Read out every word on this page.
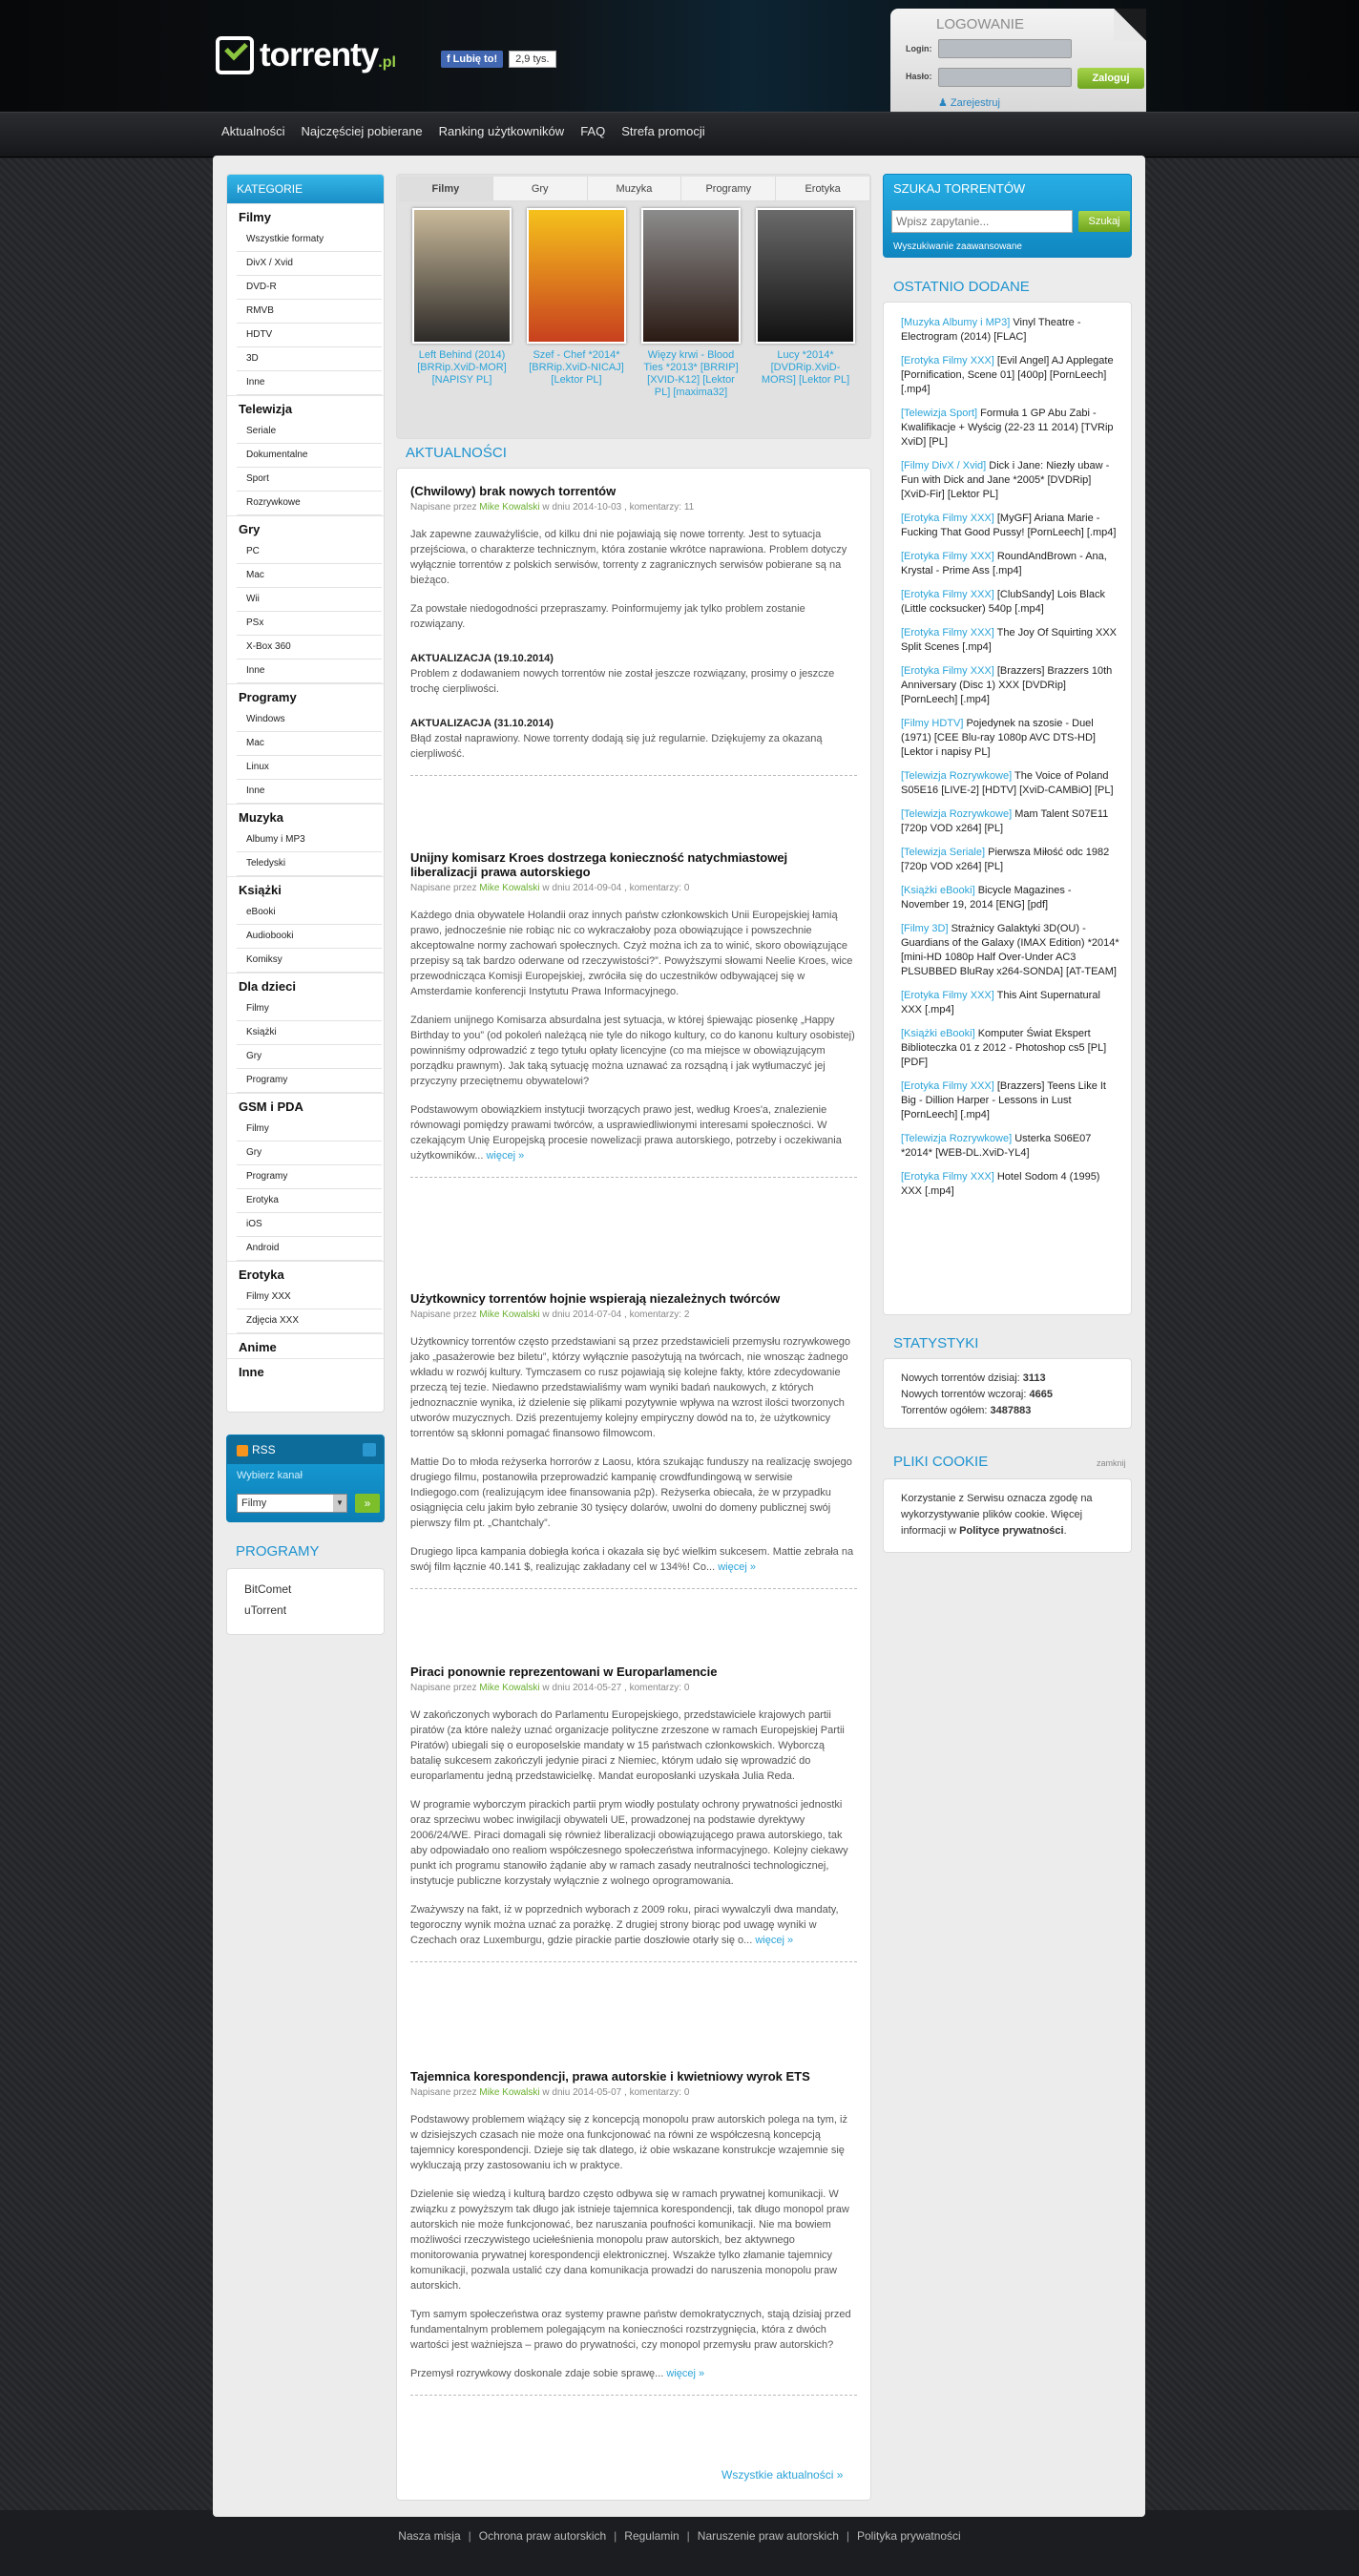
torrenty .pl	f Lubię to!	2,9 tys.
LOGOWANIE
Login:
Hasło:	Zaloguj
♟ Zarejestruj
Aktualności Najczęściej pobierane Ranking użytkowników FAQ Strefa promocji
KATEGORIE
Filmy
Wszystkie formaty
DivX / Xvid
DVD-R
RMVB
HDTV
3D
Inne
Telewizja
Seriale
Dokumentalne
Sport
Rozrywkowe
Gry
PC
Mac
Wii
PSx
X-Box 360
Inne
Programy
Windows
Mac
Linux
Inne
Muzyka
Albumy i MP3
Teledyski
Książki
eBooki
Audiobooki
Komiksy
Dla dzieci
Filmy
Książki
Gry
Programy
GSM i PDA
Filmy
Gry
Programy
Erotyka
iOS
Android
Erotyka
Filmy XXX
Zdjęcia XXX
Anime
Inne
RSS
Wybierz kanał
Filmy	▼	»
PROGRAMY
BitComet
uTorrent
Filmy	Gry	Muzyka	Programy	Erotyka
Left Behind (2014) [BRRip.XviD-MOR] [NAPISY PL]
Szef - Chef *2014* [BRRip.XviD-NICAJ] [Lektor PL]
Więzy krwi - Blood Ties *2013* [BRRIP] [XVID-K12] [Lektor PL] [maxima32]
Lucy *2014* [DVDRip.XviD-MORS] [Lektor PL]
AKTUALNOŚCI
(Chwilowy) brak nowych torrentów
Napisane przez Mike Kowalski w dniu 2014-10-03 , komentarzy: 11

Jak zapewne zauważyliście, od kilku dni nie pojawiają się nowe torrenty. Jest to sytuacja przejściowa, o charakterze technicznym, która zostanie wkrótce naprawiona. Problem dotyczy wyłącznie torrentów z polskich serwisów, torrenty z zagranicznych serwisów pobierane są na bieżąco.

Za powstałe niedogodności przepraszamy. Poinformujemy jak tylko problem zostanie rozwiązany.

AKTUALIZACJA (19.10.2014)
Problem z dodawaniem nowych torrentów nie został jeszcze rozwiązany, prosimy o jeszcze trochę cierpliwości.
AKTUALIZACJA (31.10.2014)
Błąd został naprawiony. Nowe torrenty dodają się już regularnie. Dziękujemy za okazaną cierpliwość.
Unijny komisarz Kroes dostrzega konieczność natychmiastowej liberalizacji prawa autorskiego
Napisane przez Mike Kowalski w dniu 2014-09-04 , komentarzy: 0

Każdego dnia obywatele Holandii oraz innych państw członkowskich Unii Europejskiej łamią prawo, jednocześnie nie robiąc nic co wykraczałoby poza obowiązujące i powszechnie akceptowalne normy zachowań społecznych. Czyż można ich za to winić, skoro obowiązujące przepisy są tak bardzo oderwane od rzeczywistości?”. Powyższymi słowami Neelie Kroes, wice przewodnicząca Komisji Europejskiej, zwróciła się do uczestników odbywającej się w Amsterdamie konferencji Instytutu Prawa Informacyjnego.

Zdaniem unijnego Komisarza absurdalna jest sytuacja, w której śpiewając piosenkę „Happy Birthday to you” (od pokoleń należącą nie tyle do nikogo kultury, co do kanonu kultury osobistej) powinniśmy odprowadzić z tego tytułu opłaty licencyjne (co ma miejsce w obowiązującym porządku prawnym). Jak taką sytuację można uznawać za rozsądną i jak wytłumaczyć jej przyczyny przeciętnemu obywatelowi?

Podstawowym obowiązkiem instytucji tworzących prawo jest, według Kroes'a, znalezienie równowagi pomiędzy prawami twórców, a usprawiedliwionymi interesami społeczności. W czekającym Unię Europejską procesie nowelizacji prawa autorskiego, potrzeby i oczekiwania użytkowników... więcej »

Użytkownicy torrentów hojnie wspierają niezależnych twórców
Napisane przez Mike Kowalski w dniu 2014-07-04 , komentarzy: 2

Użytkownicy torrentów często przedstawiani są przez przedstawicieli przemysłu rozrywkowego jako „pasażerowie bez biletu”, którzy wyłącznie pasożytują na twórcach, nie wnosząc żadnego wkładu w rozwój kultury. Tymczasem co rusz pojawiają się kolejne fakty, które zdecydowanie przeczą tej tezie. Niedawno przedstawialiśmy wam wyniki badań naukowych, z których jednoznacznie wynika, iż dzielenie się plikami pozytywnie wpływa na wzrost ilości tworzonych utworów muzycznych. Dziś prezentujemy kolejny empiryczny dowód na to, że użytkownicy torrentów są skłonni pomagać finansowo filmowcom.

Mattie Do to młoda reżyserka horrorów z Laosu, która szukając funduszy na realizację swojego drugiego filmu, postanowiła przeprowadzić kampanię crowdfundingową w serwisie Indiegogo.com (realizującym idee finansowania p2p). Reżyserka obiecała, że w przypadku osiągnięcia celu jakim było zebranie 30 tysięcy dolarów, uwolni do domeny publicznej swój pierwszy film pt. „Chantchaly”.

Drugiego lipca kampania dobiegła końca i okazała się być wielkim sukcesem. Mattie zebrała na swój film łącznie 40.141 $, realizując zakładany cel w 134%! Co... więcej »

Piraci ponownie reprezentowani w Europarlamencie
Napisane przez Mike Kowalski w dniu 2014-05-27 , komentarzy: 0

W zakończonych wyborach do Parlamentu Europejskiego, przedstawiciele krajowych partii piratów (za które należy uznać organizacje polityczne zrzeszone w ramach Europejskiej Partii Piratów) ubiegali się o europoselskie mandaty w 15 państwach członkowskich. Wyborczą batalię sukcesem zakończyli jedynie piraci z Niemiec, którym udało się wprowadzić do europarlamentu jedną przedstawicielkę. Mandat europosłanki uzyskała Julia Reda.

W programie wyborczym pirackich partii prym wiodły postulaty ochrony prywatności jednostki oraz sprzeciwu wobec inwigilacji obywateli UE, prowadzonej na podstawie dyrektywy 2006/24/WE. Piraci domagali się również liberalizacji obowiązującego prawa autorskiego, tak aby odpowiadało ono realiom współczesnego społeczeństwa informacyjnego. Kolejny ciekawy punkt ich programu stanowiło żądanie aby w ramach zasady neutralności technologicznej, instytucje publiczne korzystały wyłącznie z wolnego oprogramowania.

Zważywszy na fakt, iż w poprzednich wyborach z 2009 roku, piraci wywalczyli dwa mandaty, tegoroczny wynik można uznać za porażkę. Z drugiej strony biorąc pod uwagę wyniki w Czechach oraz Luxemburgu, gdzie pirackie partie doszłowie otarły się o... więcej »

Tajemnica korespondencji, prawa autorskie i kwietniowy wyrok ETS
Napisane przez Mike Kowalski w dniu 2014-05-07 , komentarzy: 0

Podstawowy problemem wiążący się z koncepcją monopolu praw autorskich polega na tym, iż w dzisiejszych czasach nie może ona funkcjonować na równi ze współczesną koncepcją tajemnicy korespondencji. Dzieje się tak dlatego, iż obie wskazane konstrukcje wzajemnie się wykluczają przy zastosowaniu ich w praktyce.

Dzielenie się wiedzą i kulturą bardzo często odbywa się w ramach prywatnej komunikacji. W związku z powyższym tak długo jak istnieje tajemnica korespondencji, tak długo monopol praw autorskich nie może funkcjonować, bez naruszania poufności komunikacji. Nie ma bowiem możliwości rzeczywistego uciełeśnienia monopolu praw autorskich, bez aktywnego monitorowania prywatnej korespondencji elektronicznej. Wszakże tylko złamanie tajemnicy komunikacji, pozwala ustalić czy dana komunikacja prowadzi do naruszenia monopolu praw autorskich.

Tym samym społeczeństwa oraz systemy prawne państw demokratycznych, stają dzisiaj przed fundamentalnym problemem polegającym na konieczności rozstrzygnięcia, która z dwóch wartości jest ważniejsza – prawo do prywatności, czy monopol przemysłu praw autorskich?

Przemysł rozrywkowy doskonale zdaje sobie sprawę... więcej »

Wszystkie aktualności »
SZUKAJ TORRENTÓW
Wpisz zapytanie...
Szukaj
Wyszukiwanie zaawansowane
OSTATNIO DODANE
[Muzyka Albumy i MP3] Vinyl Theatre - Electrogram (2014) [FLAC]
[Erotyka Filmy XXX] [Evil Angel] AJ Applegate [Pornification, Scene 01] [400p] [PornLeech] [.mp4]
[Telewizja Sport] Formuła 1 GP Abu Zabi - Kwalifikacje + Wyścig (22-23 11 2014) [TVRip XviD] [PL]
[Filmy DivX / Xvid] Dick i Jane: Niezły ubaw - Fun with Dick and Jane *2005* [DVDRip] [XviD-Fir] [Lektor PL]
[Erotyka Filmy XXX] [MyGF] Ariana Marie - Fucking That Good Pussy! [PornLeech] [.mp4]
[Erotyka Filmy XXX] RoundAndBrown - Ana, Krystal - Prime Ass [.mp4]
[Erotyka Filmy XXX] [ClubSandy] Lois Black (Little cocksucker) 540p [.mp4]
[Erotyka Filmy XXX] The Joy Of Squirting XXX Split Scenes [.mp4]
[Erotyka Filmy XXX] [Brazzers] Brazzers 10th Anniversary (Disc 1) XXX [DVDRip] [PornLeech] [.mp4]
[Filmy HDTV] Pojedynek na szosie - Duel (1971) [CEE Blu-ray 1080p AVC DTS-HD] [Lektor i napisy PL]
[Telewizja Rozrywkowe] The Voice of Poland S05E16 [LIVE-2] [HDTV] [XviD-CAMBiO] [PL]
[Telewizja Rozrywkowe] Mam Talent S07E11 [720p VOD x264] [PL]
[Telewizja Seriale] Pierwsza Miłość odc 1982 [720p VOD x264] [PL]
[Książki eBooki] Bicycle Magazines - November 19, 2014 [ENG] [pdf]
[Filmy 3D] Strażnicy Galaktyki 3D(OU) - Guardians of the Galaxy (IMAX Edition) *2014* [mini-HD 1080p Half Over-Under AC3 PLSUBBED BluRay x264-SONDA] [AT-TEAM]
[Erotyka Filmy XXX] This Aint Supernatural XXX [.mp4]
[Książki eBooki] Komputer Świat Ekspert Biblioteczka 01 z 2012 - Photoshop cs5 [PL] [PDF]
[Erotyka Filmy XXX] [Brazzers] Teens Like It Big - Dillion Harper - Lessons in Lust [PornLeech] [.mp4]
[Telewizja Rozrywkowe] Usterka S06E07 *2014* [WEB-DL.XviD-YL4]
[Erotyka Filmy XXX] Hotel Sodom 4 (1995) XXX [.mp4]
STATYSTYKI
Nowych torrentów dzisiaj: 3113
Nowych torrentów wczoraj: 4665
Torrentów ogółem: 3487883
PLIKI COOKIE	zamknij
Korzystanie z Serwisu oznacza zgodę na wykorzystywanie plików cookie. Więcej informacji w Polityce prywatności.
Nasza misja | Ochrona praw autorskich | Regulamin | Naruszenie praw autorskich | Polityka prywatności
